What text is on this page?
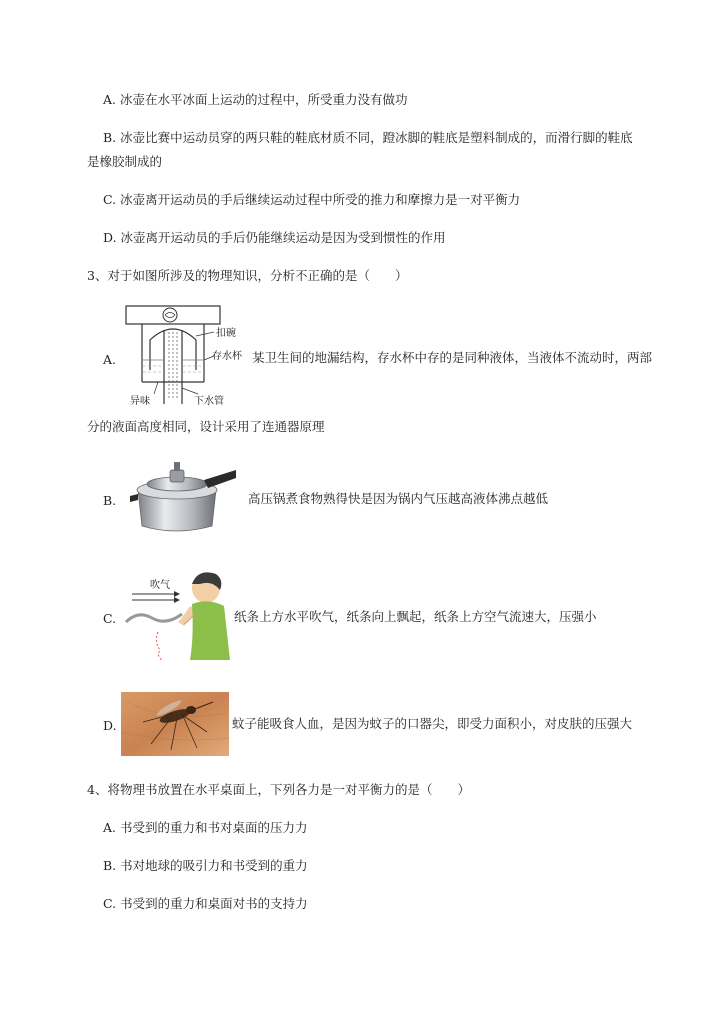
A. 冰壶在水平冰面上运动的过程中，所受重力没有做功
B. 冰壶比赛中运动员穿的两只鞋的鞋底材质不同，蹬冰脚的鞋底是塑料制成的，而滑行脚的鞋底
是橡胶制成的
C. 冰壶离开运动员的手后继续运动过程中所受的推力和摩擦力是一对平衡力
D. 冰壶离开运动员的手后仍能继续运动是因为受到惯性的作用
3、对于如图所涉及的物理知识，分析不正确的是（　　）
A.
扣碗
存水杯
异味	下水管
某卫生间的地漏结构，存水杯中存的是同种液体，当液体不流动时，两部
分的液面高度相同，设计采用了连通器原理
B.	高压锅煮食物熟得快是因为锅内气压越高液体沸点越低
C.
吹气
纸条上方水平吹气，纸条向上飘起，纸条上方空气流速大，压强小
D.	蚊子能吸食人血，是因为蚊子的口器尖，即受力面积小，对皮肤的压强大
4、将物理书放置在水平桌面上，下列各力是一对平衡力的是（　　）
A. 书受到的重力和书对桌面的压力力
B. 书对地球的吸引力和书受到的重力
C. 书受到的重力和桌面对书的支持力
